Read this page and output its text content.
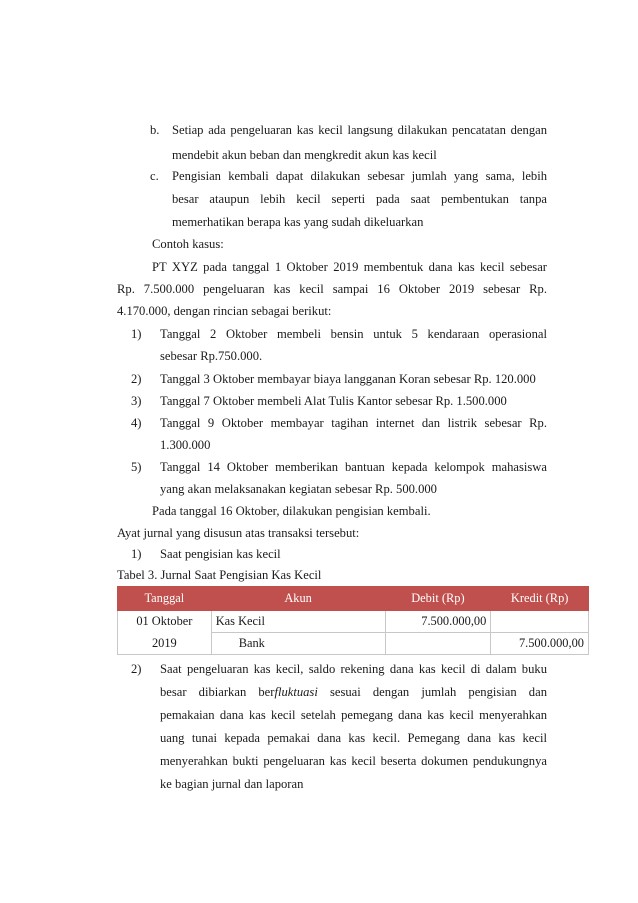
b. Setiap ada pengeluaran kas kecil langsung dilakukan pencatatan dengan
mendebit akun beban dan mengkredit akun kas kecil
c. Pengisian kembali dapat dilakukan sebesar jumlah yang sama, lebih
besar ataupun lebih kecil seperti pada saat pembentukan tanpa
memerhatikan berapa kas yang sudah dikeluarkan
Contoh kasus:
PT XYZ pada tanggal 1 Oktober 2019 membentuk dana kas kecil sebesar
Rp. 7.500.000 pengeluaran kas kecil sampai 16 Oktober 2019 sebesar Rp.
4.170.000, dengan rincian sebagai berikut:
1) Tanggal 2 Oktober membeli bensin untuk 5 kendaraan operasional
sebesar Rp.750.000.
2) Tanggal 3 Oktober membayar biaya langganan Koran sebesar Rp. 120.000
3) Tanggal 7 Oktober membeli Alat Tulis Kantor sebesar Rp. 1.500.000
4) Tanggal 9 Oktober membayar tagihan internet dan listrik sebesar Rp.
1.300.000
5) Tanggal 14 Oktober memberikan bantuan kepada kelompok mahasiswa
yang akan melaksanakan kegiatan sebesar Rp. 500.000
Pada tanggal 16 Oktober, dilakukan pengisian kembali.
Ayat jurnal yang disusun atas transaksi tersebut:
1) Saat pengisian kas kecil
Tabel 3. Jurnal Saat Pengisian Kas Kecil
Tanggal	Akun	Debit (Rp)	Kredit (Rp)
01 Oktober	Kas Kecil	7.500.000,00	
2019	Bank		7.500.000,00
2) Saat pengeluaran kas kecil, saldo rekening dana kas kecil di dalam buku
besar dibiarkan berfluktuasi sesuai dengan jumlah pengisian dan
pemakaian dana kas kecil setelah pemegang dana kas kecil menyerahkan
uang tunai kepada pemakai dana kas kecil. Pemegang dana kas kecil
menyerahkan bukti pengeluaran kas kecil beserta dokumen pendukungnya
ke bagian jurnal dan laporan
